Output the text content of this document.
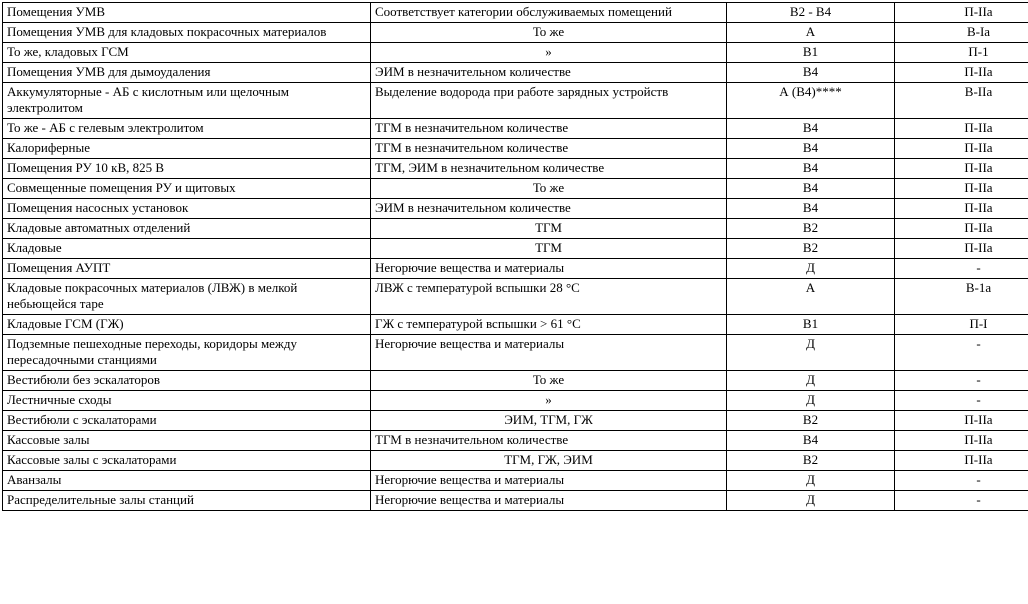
Помещения УМВ	Соответствует категории обслуживаемых помещений	В2 - В4	П-IIa
Помещения УМВ для кладовых покрасочных материалов	То же	А	В-Ia
То же, кладовых ГСМ	»	В1	П-1
Помещения УМВ для дымоудаления	ЭИМ в незначительном количестве	В4	П-IIa
Аккумуляторные - АБ с кислотным или щелочным электролитом	Выделение водорода при работе зарядных устройств	А (В4)****	В-IIa
То же - АБ с гелевым электролитом	ТГМ в незначительном количестве	В4	П-IIa
Калориферные	ТГМ в незначительном количестве	В4	П-IIa
Помещения РУ 10 кВ, 825 В	ТГМ, ЭИМ в незначительном количестве	В4	П-IIa
Совмещенные помещения РУ и щитовых	То же	В4	П-IIa
Помещения насосных установок	ЭИМ в незначительном количестве	В4	П-IIa
Кладовые автоматных отделений	ТГМ	В2	П-IIa
Кладовые	ТГМ	В2	П-IIa
Помещения АУПТ	Негорючие вещества и материалы	Д	-
Кладовые покрасочных материалов (ЛВЖ) в мелкой небьющейся таре	ЛВЖ с температурой вспышки 28 °С	А	В-1а
Кладовые ГСМ (ГЖ)	ГЖ с температурой вспышки > 61 °С	В1	П-I
Подземные пешеходные переходы, коридоры между пересадочными станциями	Негорючие вещества и материалы	Д	-
Вестибюли без эскалаторов	То же	Д	-
Лестничные сходы	»	Д	-
Вестибюли с эскалаторами	ЭИМ, ТГМ, ГЖ	В2	П-IIa
Кассовые залы	ТГМ в незначительном количестве	В4	П-IIa
Кассовые залы с эскалаторами	ТГМ, ГЖ, ЭИМ	В2	П-IIa
Аванзалы	Негорючие вещества и материалы	Д	-
Распределительные залы станций	Негорючие вещества и материалы	Д	-
